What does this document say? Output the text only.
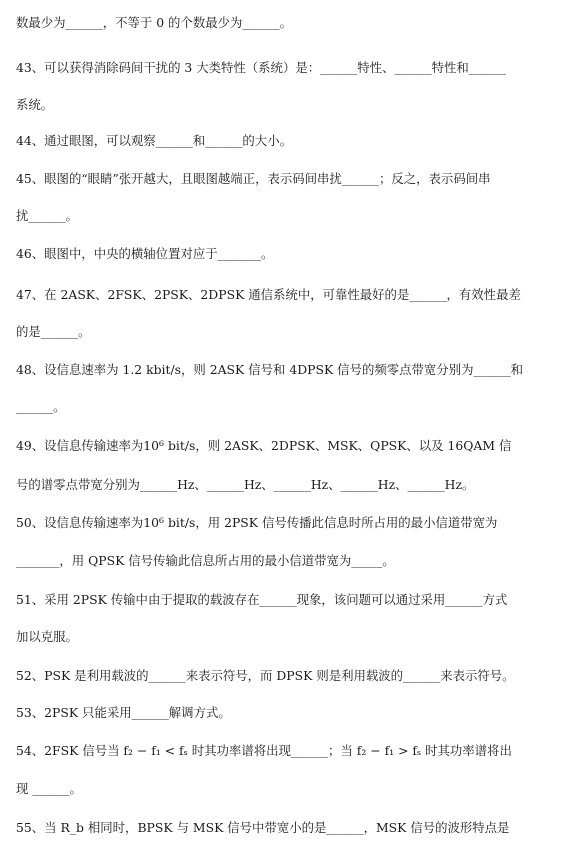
数最少为______，不等于 0 的个数最少为______。
43、可以获得消除码间干扰的 3 大类特性（系统）是：______特性、______特性和______
系统。
44、通过眼图，可以观察______和______的大小。
45、眼图的“眼睛”张开越大，且眼图越端正，表示码间串扰______；反之，表示码间串
扰______。
46、眼图中，中央的横轴位置对应于_______。
47、在 2ASK、2FSK、2PSK、2DPSK 通信系统中，可靠性最好的是______，有效性最差
的是______。
48、设信息速率为 1.2 kbit/s，则 2ASK 信号和 4DPSK 信号的频零点带宽分别为______和
______。
49、设信息传输速率为10⁶ bit/s，则 2ASK、2DPSK、MSK、QPSK、以及 16QAM 信
号的谱零点带宽分别为______Hz、______Hz、______Hz、______Hz、______Hz。
50、设信息传输速率为10⁶ bit/s，用 2PSK 信号传播此信息时所占用的最小信道带宽为
_______，用 QPSK 信号传输此信息所占用的最小信道带宽为_____。
51、采用 2PSK 传输中由于提取的载波存在______现象，该问题可以通过采用______方式
加以克服。
52、PSK 是利用载波的______来表示符号，而 DPSK 则是利用载波的______来表示符号。
53、2PSK 只能采用______解调方式。
54、2FSK 信号当 f₂ − f₁ < fₛ 时其功率谱将出现______；当 f₂ − f₁ > fₛ 时其功率谱将出
现 ______。
55、当 R_b 相同时，BPSK 与 MSK 信号中带宽小的是______，MSK 信号的波形特点是
